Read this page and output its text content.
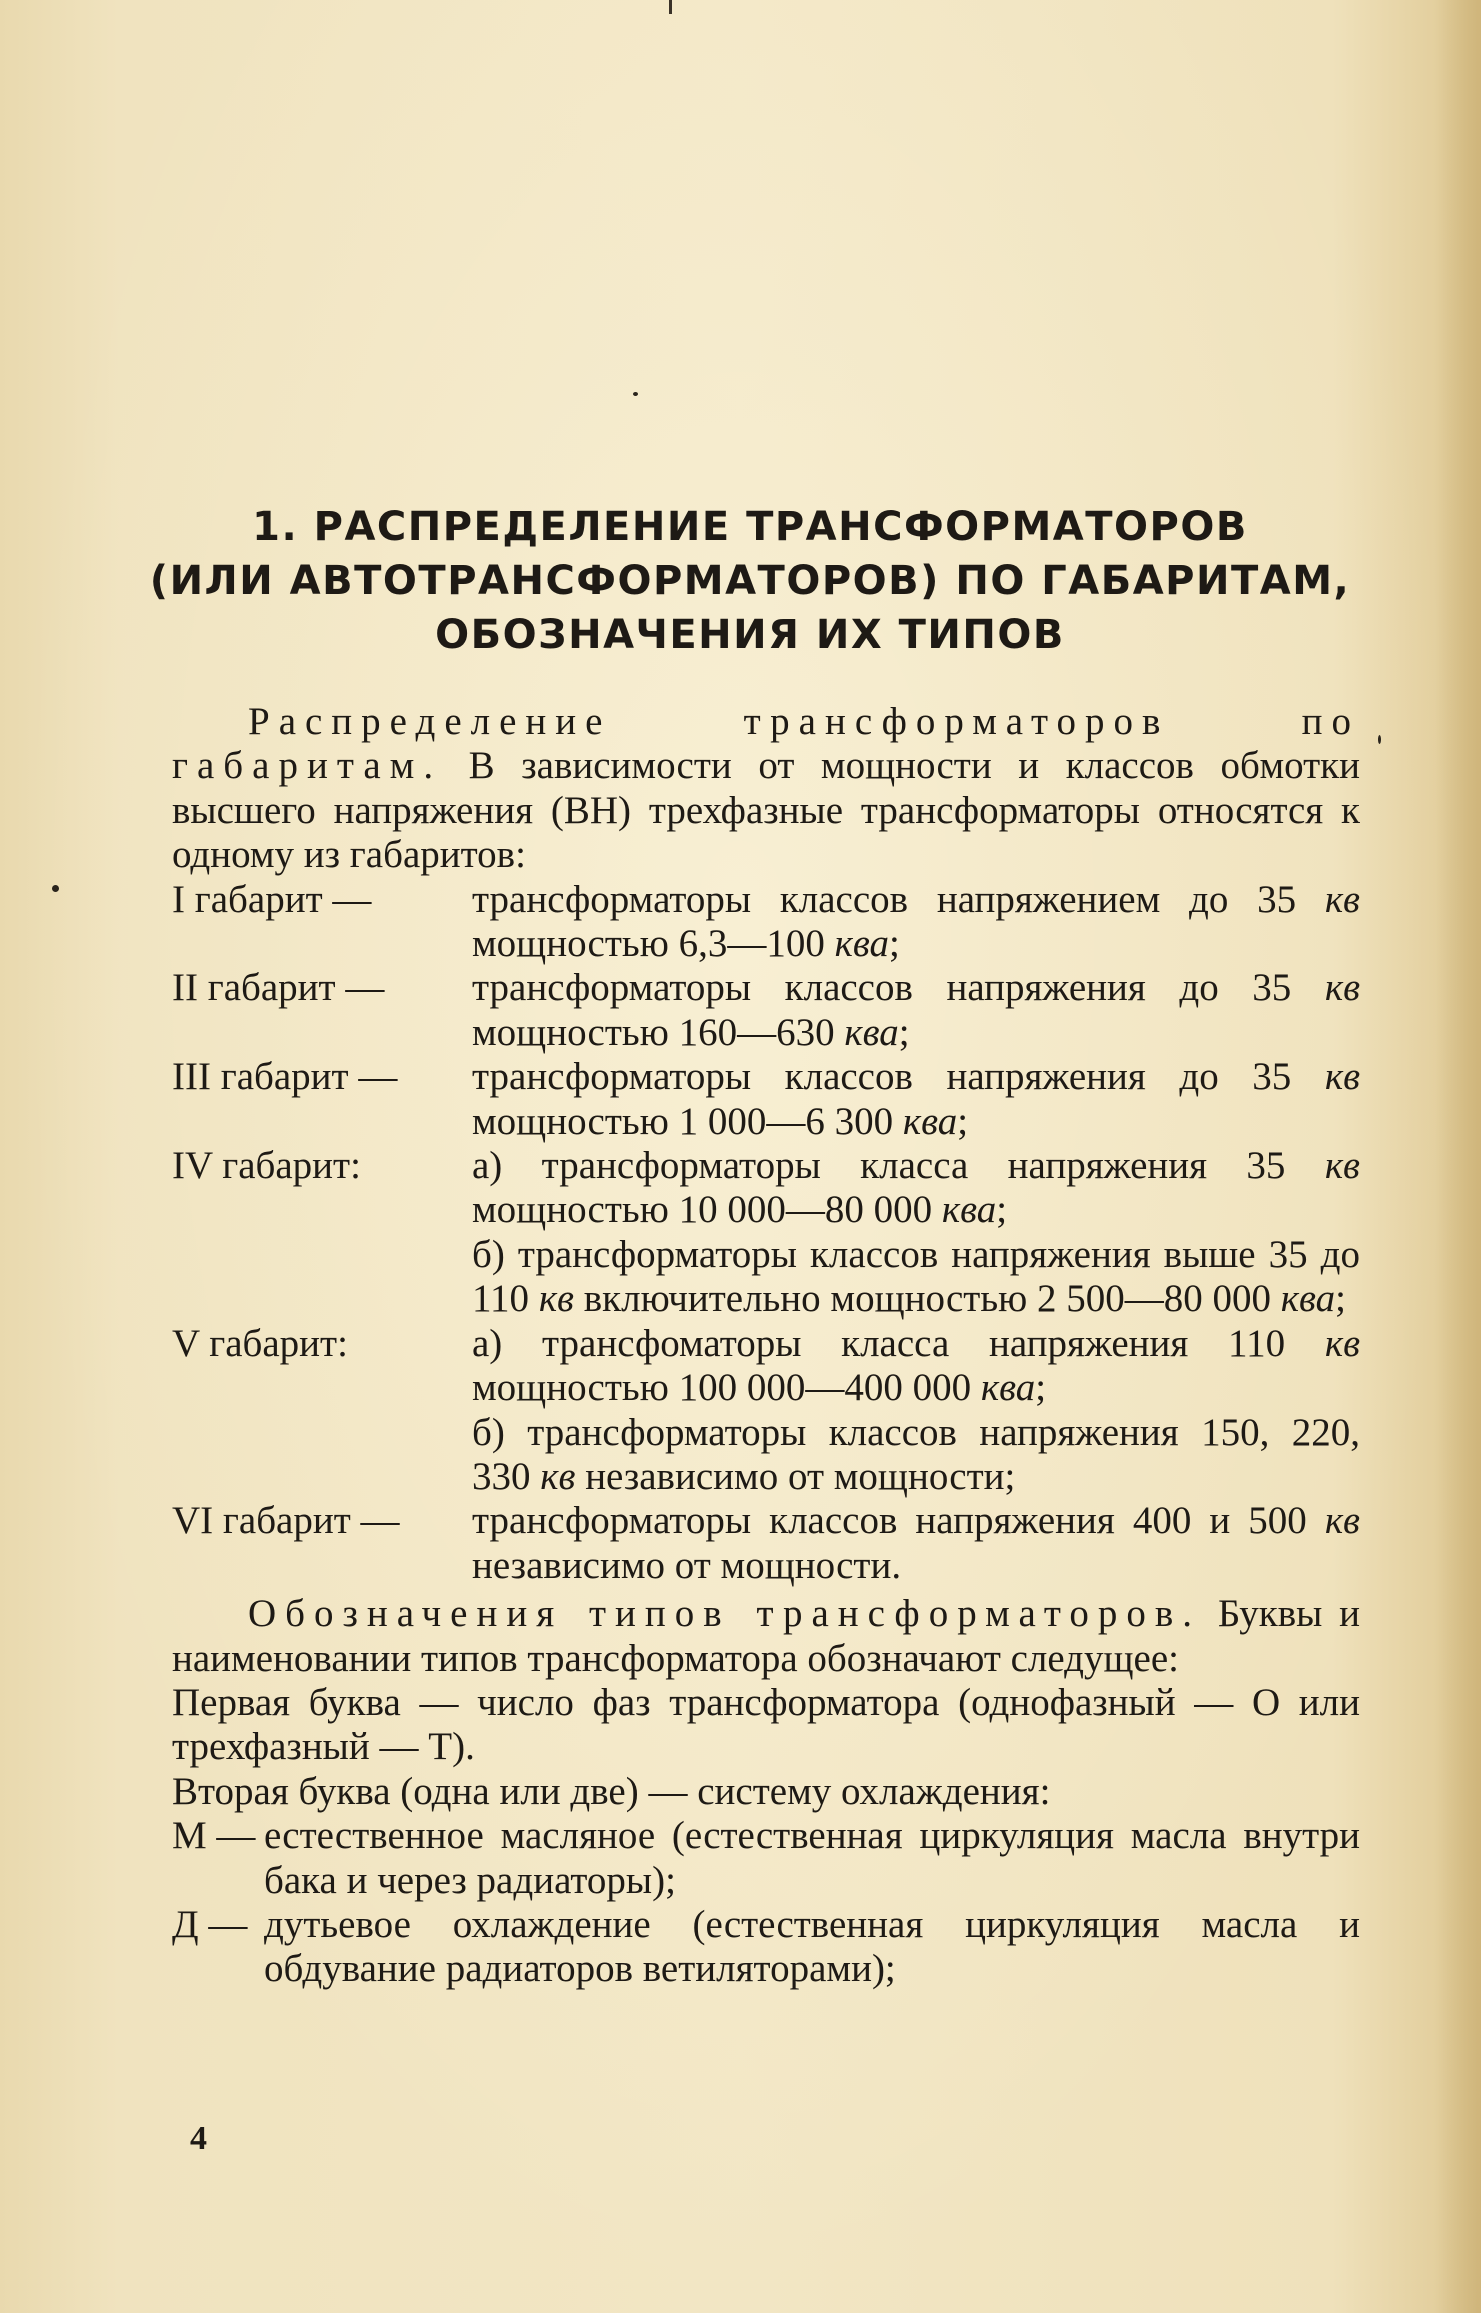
1. РАСПРЕДЕЛЕНИЕ ТРАНСФОРМАТОРОВ
(ИЛИ АВТОТРАНСФОРМАТОРОВ) ПО ГАБАРИТАМ,
ОБОЗНАЧЕНИЯ ИХ ТИПОВ
Распределение трансформаторов по габаритам. В зависимости от мощности и классов обмотки высшего напряжения (ВН) трехфазные трансформаторы относятся к одному из габаритов:
I габарит —	трансформаторы классов напряжением до 35 кв мощностью 6,3—100 ква;
II габарит —	трансформаторы классов напряжения до 35 кв мощностью 160—630 ква;
III габарит —	трансформаторы классов напряжения до 35 кв мощностью 1 000—6 300 ква;
IV габарит:	а) трансформаторы класса напряжения 35 кв мощностью 10 000—80 000 ква;
б) трансформаторы классов напряжения выше 35 до 110 кв включительно мощностью 2 500—80 000 ква;
V габарит:	а) трансфоматоры класса напряжения 110 кв мощностью 100 000—400 000 ква;
б) трансформаторы классов напряжения 150, 220, 330 кв независимо от мощности;
VI габарит —	трансформаторы классов напряжения 400 и 500 кв независимо от мощности.
Обозначения типов трансформаторов. Буквы и наименовании типов трансформатора обозначают следущее:
Первая буква — число фаз трансформатора (однофазный — О или трехфазный — Т).
Вторая буква (одна или две) — систему охлаждения:
М — естественное масляное (естественная циркуляция масла внутри бака и через радиаторы);
Д — дутьевое охлаждение (естественная циркуляция масла и обдувание радиаторов ветиляторами);
4
